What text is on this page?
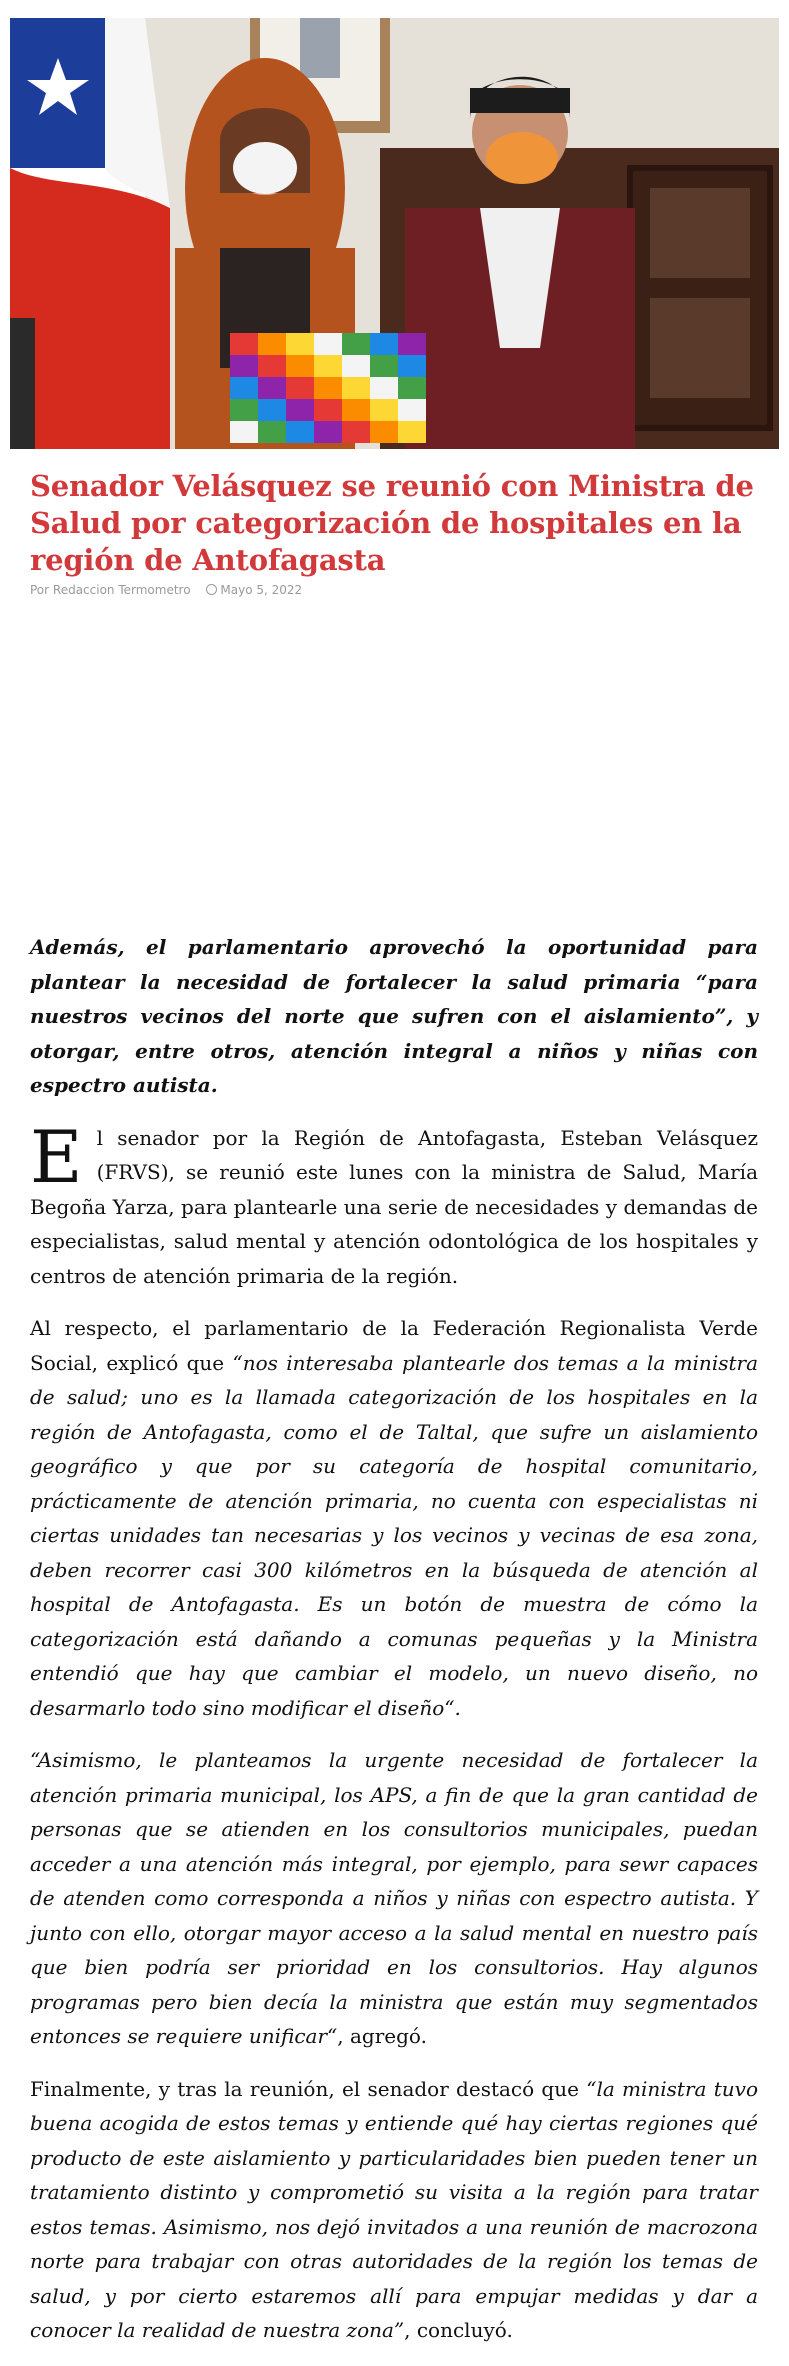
Senador Velásquez se reunió con Ministra de Salud por categorización de hospitales en la región de Antofagasta
Por Redaccion Termometro Mayo 5, 2022

Además, el parlamentario aprovechó la oportunidad para plantear la necesidad de fortalecer la salud primaria “para nuestros vecinos del norte que sufren con el aislamiento”, y otorgar, entre otros, atención integral a niños y niñas con espectro autista.

El senador por la Región de Antofagasta, Esteban Velásquez (FRVS), se reunió este lunes con la ministra de Salud, María Begoña Yarza, para plantearle una serie de necesidades y demandas de especialistas, salud mental y atención odontológica de los hospitales y centros de atención primaria de la región.

Al respecto, el parlamentario de la Federación Regionalista Verde Social, explicó que “nos interesaba plantearle dos temas a la ministra de salud; uno es la llamada categorización de los hospitales en la región de Antofagasta, como el de Taltal, que sufre un aislamiento geográfico y que por su categoría de hospital comunitario, prácticamente de atención primaria, no cuenta con especialistas ni ciertas unidades tan necesarias y los vecinos y vecinas de esa zona, deben recorrer casi 300 kilómetros en la búsqueda de atención al hospital de Antofagasta. Es un botón de muestra de cómo la categorización está dañando a comunas pequeñas y la Ministra entendió que hay que cambiar el modelo, un nuevo diseño, no desarmarlo todo sino modificar el diseño“.

“Asimismo, le planteamos la urgente necesidad de fortalecer la atención primaria municipal, los APS, a fin de que la gran cantidad de personas que se atienden en los consultorios municipales, puedan acceder a una atención más integral, por ejemplo, para sewr capaces de atenden como corresponda a niños y niñas con espectro autista. Y junto con ello, otorgar mayor acceso a la salud mental en nuestro país que bien podría ser prioridad en los consultorios. Hay algunos programas pero bien decía la ministra que están muy segmentados entonces se requiere unificar“, agregó.

Finalmente, y tras la reunión, el senador destacó que “la ministra tuvo buena acogida de estos temas y entiende qué hay ciertas regiones qué producto de este aislamiento y particularidades bien pueden tener un tratamiento distinto y comprometió su visita a la región para tratar estos temas. Asimismo, nos dejó invitados a una reunión de macrozona norte para trabajar con otras autoridades de la región los temas de salud, y por cierto estaremos allí para empujar medidas y dar a conocer la realidad de nuestra zona”, concluyó.
